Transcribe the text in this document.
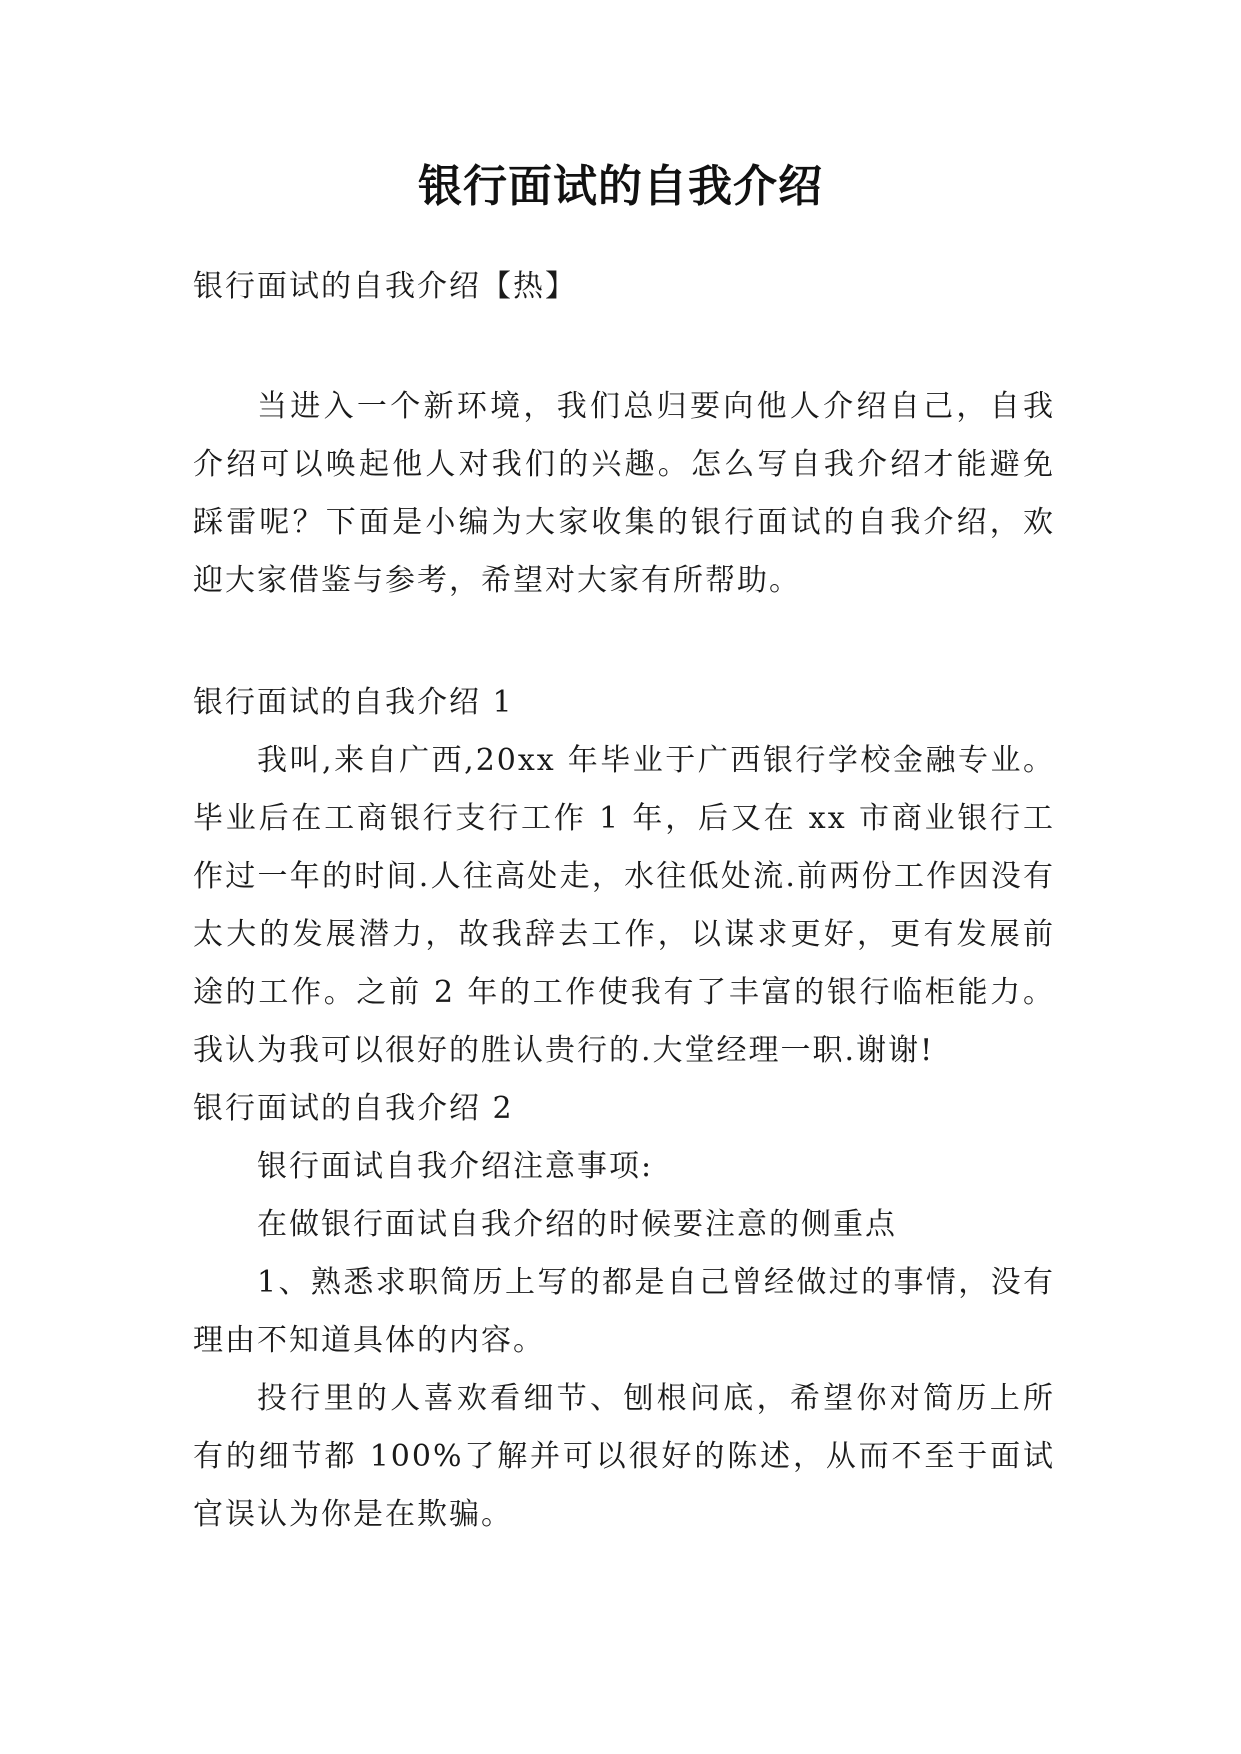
银行面试的自我介绍

银行面试的自我介绍【热】

当进入一个新环境，我们总归要向他人介绍自己，自我介绍可以唤起他人对我们的兴趣。怎么写自我介绍才能避免踩雷呢？下面是小编为大家收集的银行面试的自我介绍，欢迎大家借鉴与参考，希望对大家有所帮助。

银行面试的自我介绍 1

我叫,来自广西,20xx 年毕业于广西银行学校金融专业。毕业后在工商银行支行工作 1 年，后又在 xx 市商业银行工作过一年的时间.人往高处走，水往低处流.前两份工作因没有太大的发展潜力，故我辞去工作，以谋求更好，更有发展前途的工作。之前 2 年的工作使我有了丰富的银行临柜能力。我认为我可以很好的胜认贵行的.大堂经理一职.谢谢!

银行面试的自我介绍 2

银行面试自我介绍注意事项:

在做银行面试自我介绍的时候要注意的侧重点

1、熟悉求职简历上写的都是自己曾经做过的事情，没有理由不知道具体的内容。

投行里的人喜欢看细节、刨根问底，希望你对简历上所有的细节都 100%了解并可以很好的陈述，从而不至于面试官误认为你是在欺骗。
